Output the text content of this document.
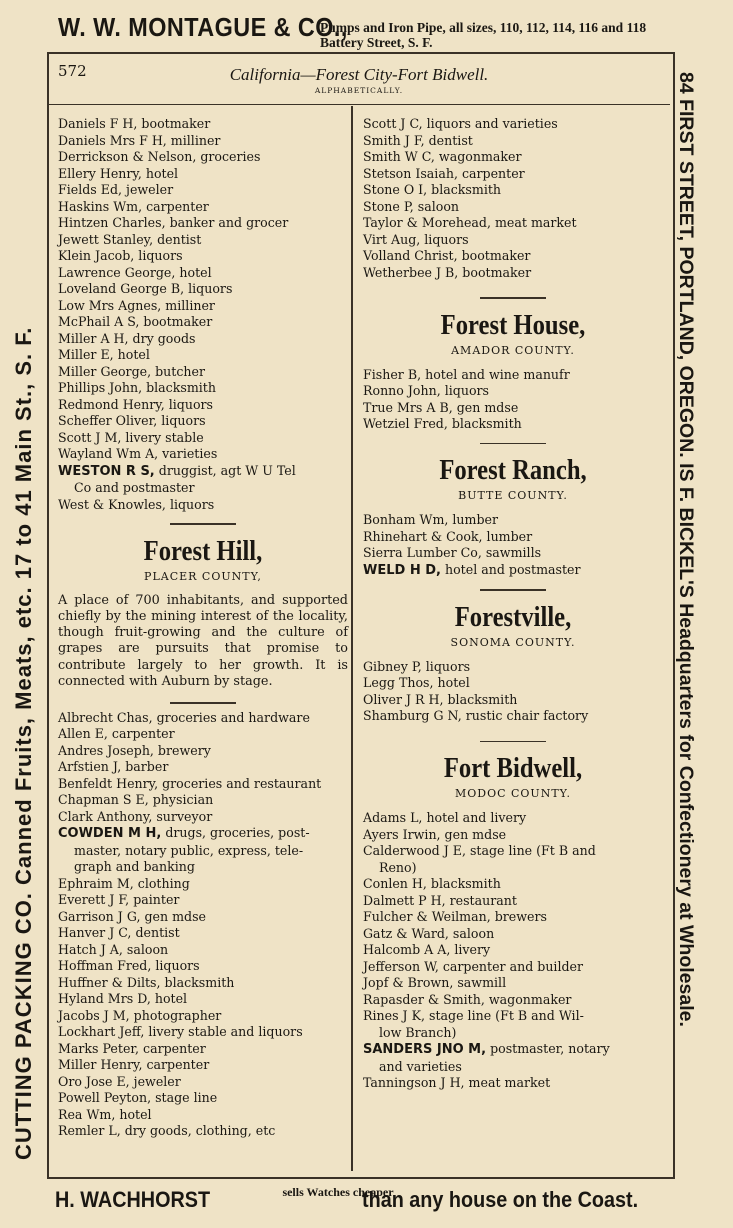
W. W. MONTAGUE & CO.,
Pumps and Iron Pipe, all sizes, 110, 112, 114, 116 and 118 Battery Street, S. F.
CUTTING PACKING CO. Canned Fruits, Meats, etc. 17 to 41 Main St., S. F.	84 FIRST STREET, PORTLAND, OREGON. IS F. BICKEL'S Headquarters for Confectionery at Wholesale.
572	California—Forest City-Fort Bidwell.
ALPHABETICALLY.
Daniels F H, bootmaker
Daniels Mrs F H, milliner
Derrickson & Nelson, groceries
Ellery Henry, hotel
Fields Ed, jeweler
Haskins Wm, carpenter
Hintzen Charles, banker and grocer
Jewett Stanley, dentist
Klein Jacob, liquors
Lawrence George, hotel
Loveland George B, liquors
Low Mrs Agnes, milliner
McPhail A S, bootmaker
Miller A H, dry goods
Miller E, hotel
Miller George, butcher
Phillips John, blacksmith
Redmond Henry, liquors
Scheffer Oliver, liquors
Scott J M, livery stable
Wayland Wm A, varieties
WESTON R S, druggist, agt W U Tel
Co and postmaster
West & Knowles, liquors
Forest Hill,
PLACER COUNTY,
A place of 700 inhabitants, and supported chiefly by the mining interest of the locality, though fruit-growing and the culture of grapes are pursuits that promise to contribute largely to her growth. It is connected with Auburn by stage.
Albrecht Chas, groceries and hardware
Allen E, carpenter
Andres Joseph, brewery
Arfstien J, barber
Benfeldt Henry, groceries and restaurant
Chapman S E, physician
Clark Anthony, surveyor
COWDEN M H, drugs, groceries, post-
master, notary public, express, tele-
graph and banking
Ephraim M, clothing
Everett J F, painter
Garrison J G, gen mdse
Hanver J C, dentist
Hatch J A, saloon
Hoffman Fred, liquors
Huffner & Dilts, blacksmith
Hyland Mrs D, hotel
Jacobs J M, photographer
Lockhart Jeff, livery stable and liquors
Marks Peter, carpenter
Miller Henry, carpenter
Oro Jose E, jeweler
Powell Peyton, stage line
Rea Wm, hotel
Remler L, dry goods, clothing, etc
Scott J C, liquors and varieties
Smith J F, dentist
Smith W C, wagonmaker
Stetson Isaiah, carpenter
Stone O I, blacksmith
Stone P, saloon
Taylor & Morehead, meat market
Virt Aug, liquors
Volland Christ, bootmaker
Wetherbee J B, bootmaker
Forest House,
AMADOR COUNTY.
Fisher B, hotel and wine manufr
Ronno John, liquors
True Mrs A B, gen mdse
Wetziel Fred, blacksmith
Forest Ranch,
BUTTE COUNTY.
Bonham Wm, lumber
Rhinehart & Cook, lumber
Sierra Lumber Co, sawmills
WELD H D, hotel and postmaster
Forestville,
SONOMA COUNTY.
Gibney P, liquors
Legg Thos, hotel
Oliver J R H, blacksmith
Shamburg G N, rustic chair factory
Fort Bidwell,
MODOC COUNTY.
Adams L, hotel and livery
Ayers Irwin, gen mdse
Calderwood J E, stage line (Ft B and
Reno)
Conlen H, blacksmith
Dalmett P H, restaurant
Fulcher & Weilman, brewers
Gatz & Ward, saloon
Halcomb A A, livery
Jefferson W, carpenter and builder
Jopf & Brown, sawmill
Rapasder & Smith, wagonmaker
Rines J K, stage line (Ft B and Wil-
low Branch)
SANDERS JNO M, postmaster, notary
and varieties
Tanningson J H, meat market
H. WACHHORST	sells Watches cheaper
than any house on the Coast.
